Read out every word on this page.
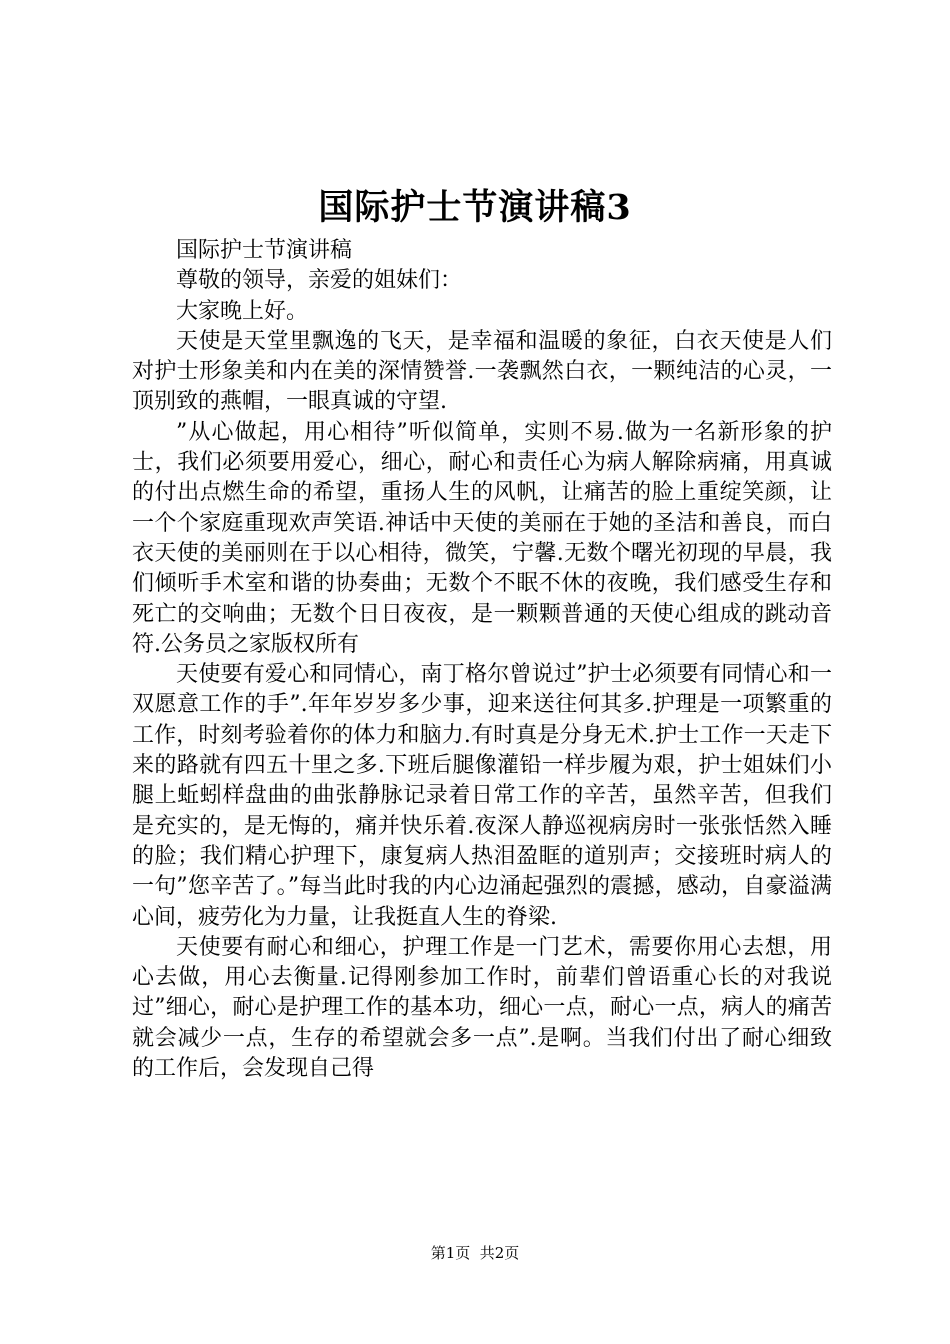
国际护士节演讲稿3

国际护士节演讲稿

尊敬的领导，亲爱的姐妹们：

大家晚上好。

天使是天堂里飘逸的飞天，是幸福和温暖的象征，白衣天使是人们对护士形象美和内在美的深情赞誉.一袭飘然白衣，一颗纯洁的心灵，一顶别致的燕帽，一眼真诚的守望.

”从心做起，用心相待”听似简单，实则不易.做为一名新形象的护士，我们必须要用爱心，细心，耐心和责任心为病人解除病痛，用真诚的付出点燃生命的希望，重扬人生的风帆，让痛苦的脸上重绽笑颜，让一个个家庭重现欢声笑语.神话中天使的美丽在于她的圣洁和善良，而白衣天使的美丽则在于以心相待，微笑，宁馨.无数个曙光初现的早晨，我们倾听手术室和谐的协奏曲；无数个不眠不休的夜晚，我们感受生存和死亡的交响曲；无数个日日夜夜，是一颗颗普通的天使心组成的跳动音符.公务员之家版权所有

天使要有爱心和同情心，南丁格尔曾说过”护士必须要有同情心和一双愿意工作的手”.年年岁岁多少事，迎来送往何其多.护理是一项繁重的工作，时刻考验着你的体力和脑力.有时真是分身无术.护士工作一天走下来的路就有四五十里之多.下班后腿像灌铅一样步履为艰，护士姐妹们小腿上蚯蚓样盘曲的曲张静脉记录着日常工作的辛苦，虽然辛苦，但我们是充实的，是无悔的，痛并快乐着.夜深人静巡视病房时一张张恬然入睡的脸；我们精心护理下，康复病人热泪盈眶的道别声；交接班时病人的一句”您辛苦了。”每当此时我的内心边涌起强烈的震撼，感动，自豪溢满心间，疲劳化为力量，让我挺直人生的脊梁.

天使要有耐心和细心，护理工作是一门艺术，需要你用心去想，用心去做，用心去衡量.记得刚参加工作时，前辈们曾语重心长的对我说过”细心，耐心是护理工作的基本功，细心一点，耐心一点，病人的痛苦就会减少一点，生存的希望就会多一点”.是啊。当我们付出了耐心细致的工作后，会发现自己得

第1页  共2页
